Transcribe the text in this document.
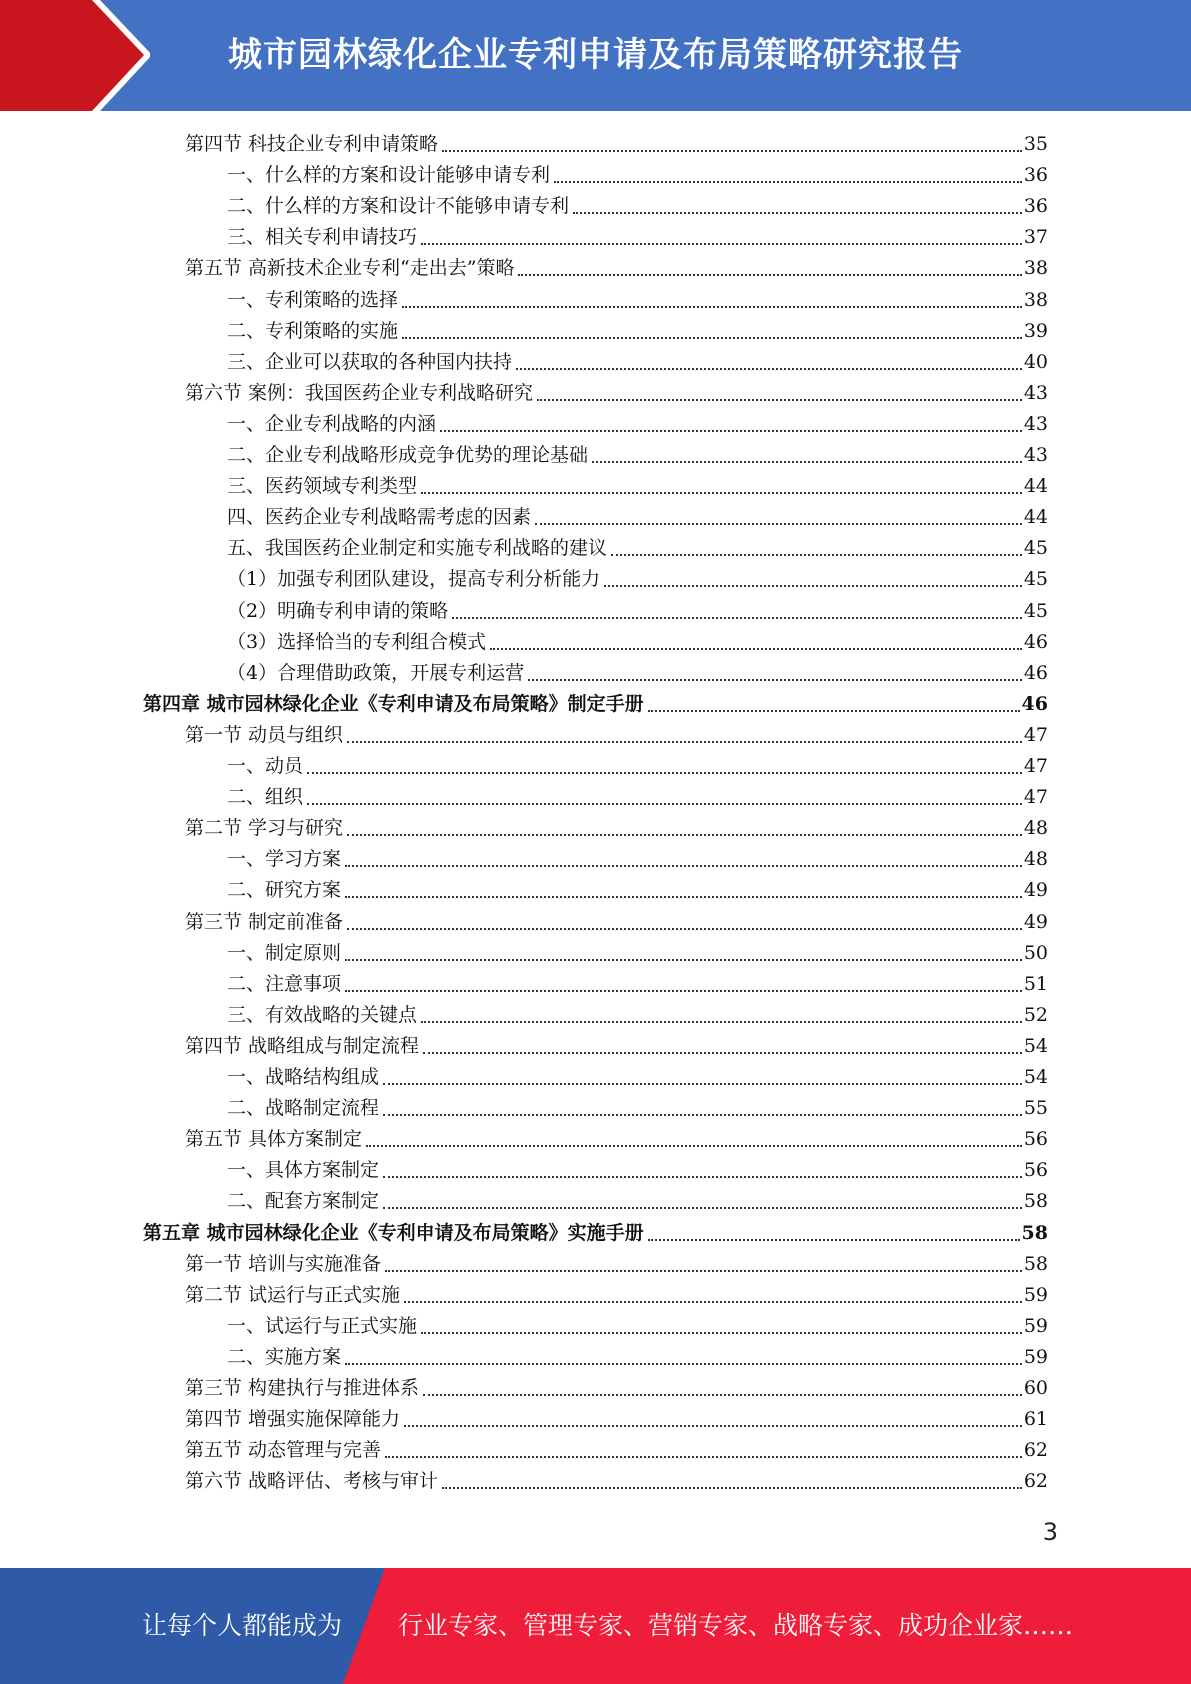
城市园林绿化企业专利申请及布局策略研究报告
第四节 科技企业专利申请策略	35
一、什么样的方案和设计能够申请专利	36
二、什么样的方案和设计不能够申请专利	36
三、相关专利申请技巧	37
第五节 高新技术企业专利“走出去”策略	38
一、专利策略的选择	38
二、专利策略的实施	39
三、企业可以获取的各种国内扶持	40
第六节 案例：我国医药企业专利战略研究	43
一、企业专利战略的内涵	43
二、企业专利战略形成竞争优势的理论基础	43
三、医药领域专利类型	44
四、医药企业专利战略需考虑的因素	44
五、我国医药企业制定和实施专利战略的建议	45
（1）加强专利团队建设，提高专利分析能力	45
（2）明确专利申请的策略	45
（3）选择恰当的专利组合模式	46
（4）合理借助政策，开展专利运营	46
第四章 城市园林绿化企业《专利申请及布局策略》制定手册	46
第一节 动员与组织	47
一、动员	47
二、组织	47
第二节 学习与研究	48
一、学习方案	48
二、研究方案	49
第三节 制定前准备	49
一、制定原则	50
二、注意事项	51
三、有效战略的关键点	52
第四节 战略组成与制定流程	54
一、战略结构组成	54
二、战略制定流程	55
第五节 具体方案制定	56
一、具体方案制定	56
二、配套方案制定	58
第五章 城市园林绿化企业《专利申请及布局策略》实施手册	58
第一节 培训与实施准备	58
第二节 试运行与正式实施	59
一、试运行与正式实施	59
二、实施方案	59
第三节 构建执行与推进体系	60
第四节 增强实施保障能力	61
第五节 动态管理与完善	62
第六节 战略评估、考核与审计	62
3
让每个人都能成为 行业专家、管理专家、营销专家、战略专家、成功企业家……
